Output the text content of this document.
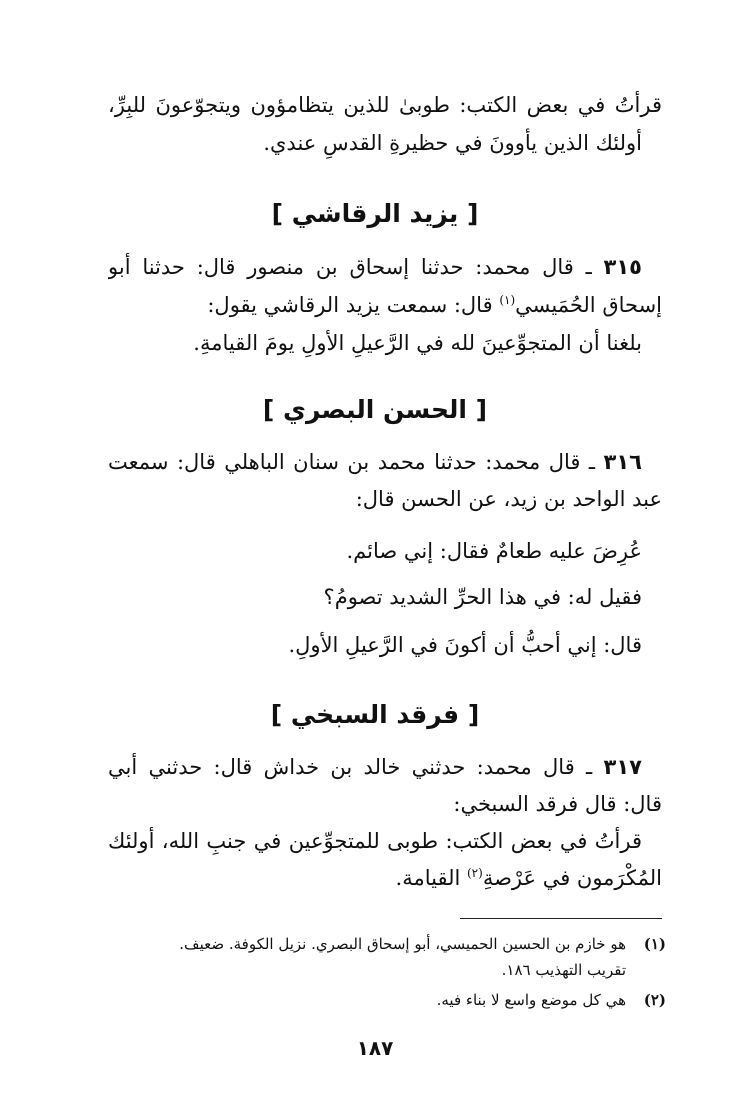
قرأتُ في بعض الكتب: طوبىٰ للذين يتظامؤون ويتجوّعونَ للبِرِّ،
أولئك الذين يأوونَ في حظيرةِ القدسِ عندي.
[ يزيد الرقاشي ]
٣١٥ ـ قال محمد: حدثنا إسحاق بن منصور قال: حدثنا أبو
إسحاق الحُمَيسي$^{(١)}$ قال: سمعت يزيد الرقاشي يقول:
بلغنا أن المتجوِّعينَ لله في الرَّعيلِ الأولِ يومَ القيامةِ.
[ الحسن البصري ]
٣١٦ ـ قال محمد: حدثنا محمد بن سنان الباهلي قال: سمعت
عبد الواحد بن زيد، عن الحسن قال:
عُرِضَ عليه طعامٌ فقال: إني صائم.
فقيل له: في هذا الحرِّ الشديد تصومُ؟
قال: إني أحبُّ أن أكونَ في الرَّعيلِ الأولِ.
[ فرقد السبخي ]
٣١٧ ـ قال محمد: حدثني خالد بن خداش قال: حدثني أبي
قال: قال فرقد السبخي:
قرأتُ في بعض الكتب: طوبى للمتجوِّعين في جنبِ الله، أولئك
المُكْرَمون في عَرْصةِ$^{(٢)}$ القيامة.
(١)هو خازم بن الحسين الحميسي، أبو إسحاق البصري. نزيل الكوفة. ضعيف.
تقريب التهذيب ١٨٦.
(٢)هي كل موضع واسع لا بناء فيه.
١٨٧
